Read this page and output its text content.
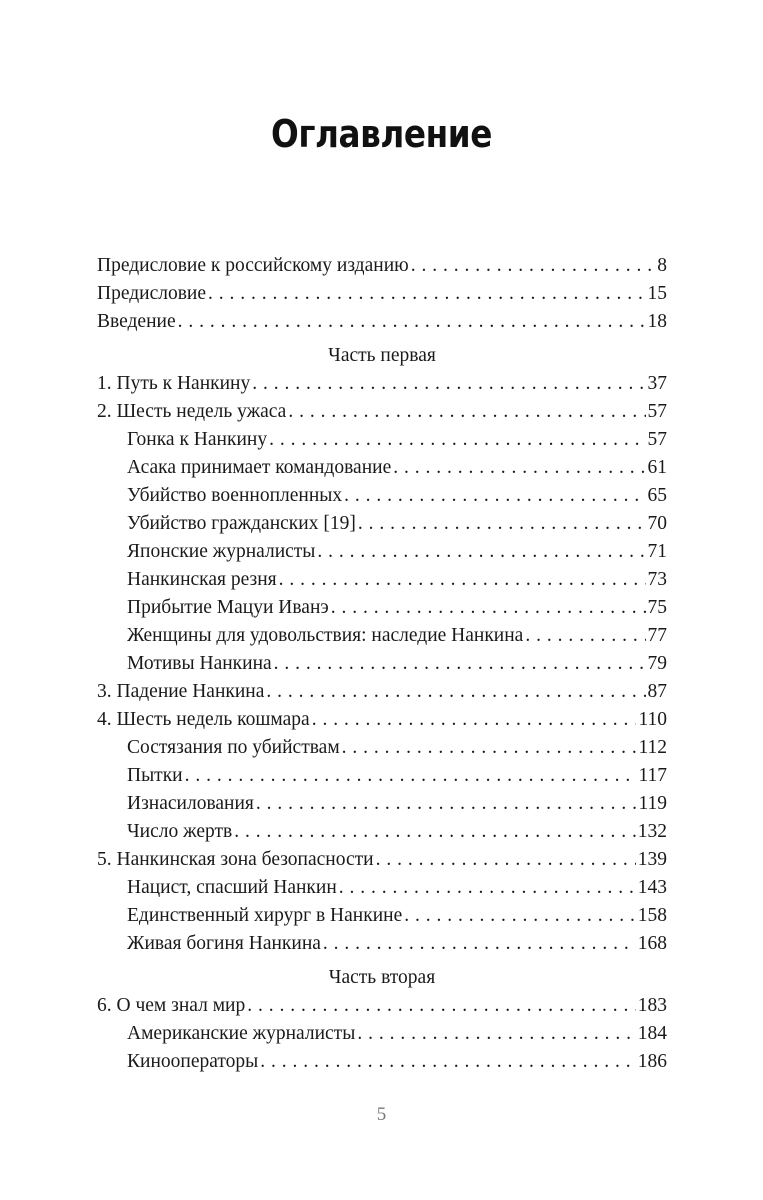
Оглавление
Предисловие к российскому изданию . . .	8
Предисловие . . .	15
Введение . . .	18
Часть первая
1. Путь к Нанкину . . .	37
2. Шесть недель ужаса . . .	57
Гонка к Нанкину . . .	57
Асака принимает командование . . .	61
Убийство военнопленных . . .	65
Убийство гражданских [19] . . .	70
Японские журналисты . . .	71
Нанкинская резня . . .	73
Прибытие Мацуи Иванэ . . .	75
Женщины для удовольствия: наследие Нанкина . . .	77
Мотивы Нанкина . . .	79
3. Падение Нанкина . . .	87
4. Шесть недель кошмара . . .	110
Состязания по убийствам . . .	112
Пытки . . .	117
Изнасилования . . .	119
Число жертв . . .	132
5. Нанкинская зона безопасности . . .	139
Нацист, спасший Нанкин . . .	143
Единственный хирург в Нанкине . . .	158
Живая богиня Нанкина . . .	168
Часть вторая
6. О чем знал мир . . .	183
Американские журналисты . . .	184
Кинооператоры . . .	186
5
